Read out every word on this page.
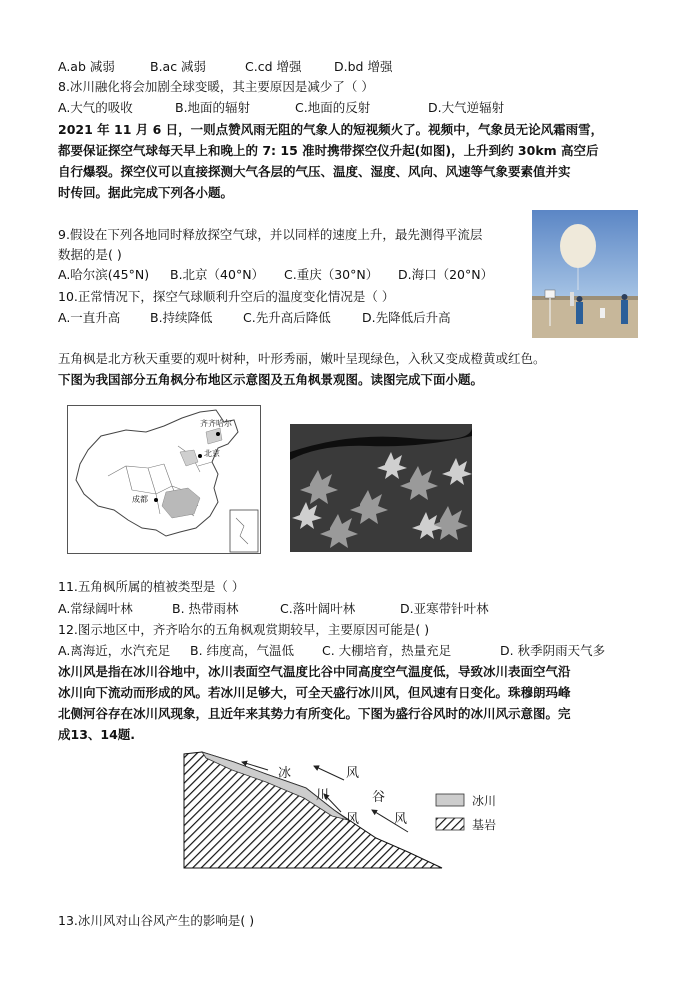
A.ab 减弱	B.ac 减弱	C.cd 增强	D.bd 增强
8.冰川融化将会加剧全球变暖，其主要原因是减少了（ ）
A.大气的吸收	B.地面的辐射	C.地面的反射	D.大气逆辐射
2021 年 11 月 6 日，一则点赞风雨无阻的气象人的短视频火了。视频中，气象员无论风霜雨雪，
都要保证探空气球每天早上和晚上的 7: 15 准时携带探空仪升起(如图)，上升到约 30km 高空后
自行爆裂。探空仪可以直接探测大气各层的气压、温度、湿度、风向、风速等气象要素值并实
时传回。据此完成下列各小题。
9.假设在下列各地同时释放探空气球，并以同样的速度上升，最先测得平流层
数据的是( )
A.哈尔滨(45°N) B.北京（40°N） C.重庆（30°N） D.海口（20°N）
10.正常情况下，探空气球顺利升空后的温度变化情况是（ ）
A.一直升高 B.持续降低 C.先升高后降低	D.先降低后升高
五角枫是北方秋天重要的观叶树种，叶形秀丽，嫩叶呈现绿色，入秋又变成橙黄或红色。
下图为我国部分五角枫分布地区示意图及五角枫景观图。读图完成下面小题。
齐齐哈尔
北京
成都
11.五角枫所属的植被类型是（ ）
A.常绿阔叶林	B. 热带雨林	C.落叶阔叶林	D.亚寒带针叶林
12.图示地区中，齐齐哈尔的五角枫观赏期较早，主要原因可能是( )
A.离海近，水汽充足 B. 纬度高，气温低 C. 大棚培育，热量充足	D. 秋季阴雨天气多
冰川风是指在冰川谷地中，冰川表面空气温度比谷中同高度空气温度低，导致冰川表面空气沿
冰川向下流动而形成的风。若冰川足够大，可全天盛行冰川风，但风速有日变化。珠穆朗玛峰
北侧河谷存在冰川风现象，且近年来其势力有所变化。下图为盛行谷风时的冰川风示意图。完
成13、14题.
冰
川
风
风
谷
风
冰川
基岩
13.冰川风对山谷风产生的影响是( )
